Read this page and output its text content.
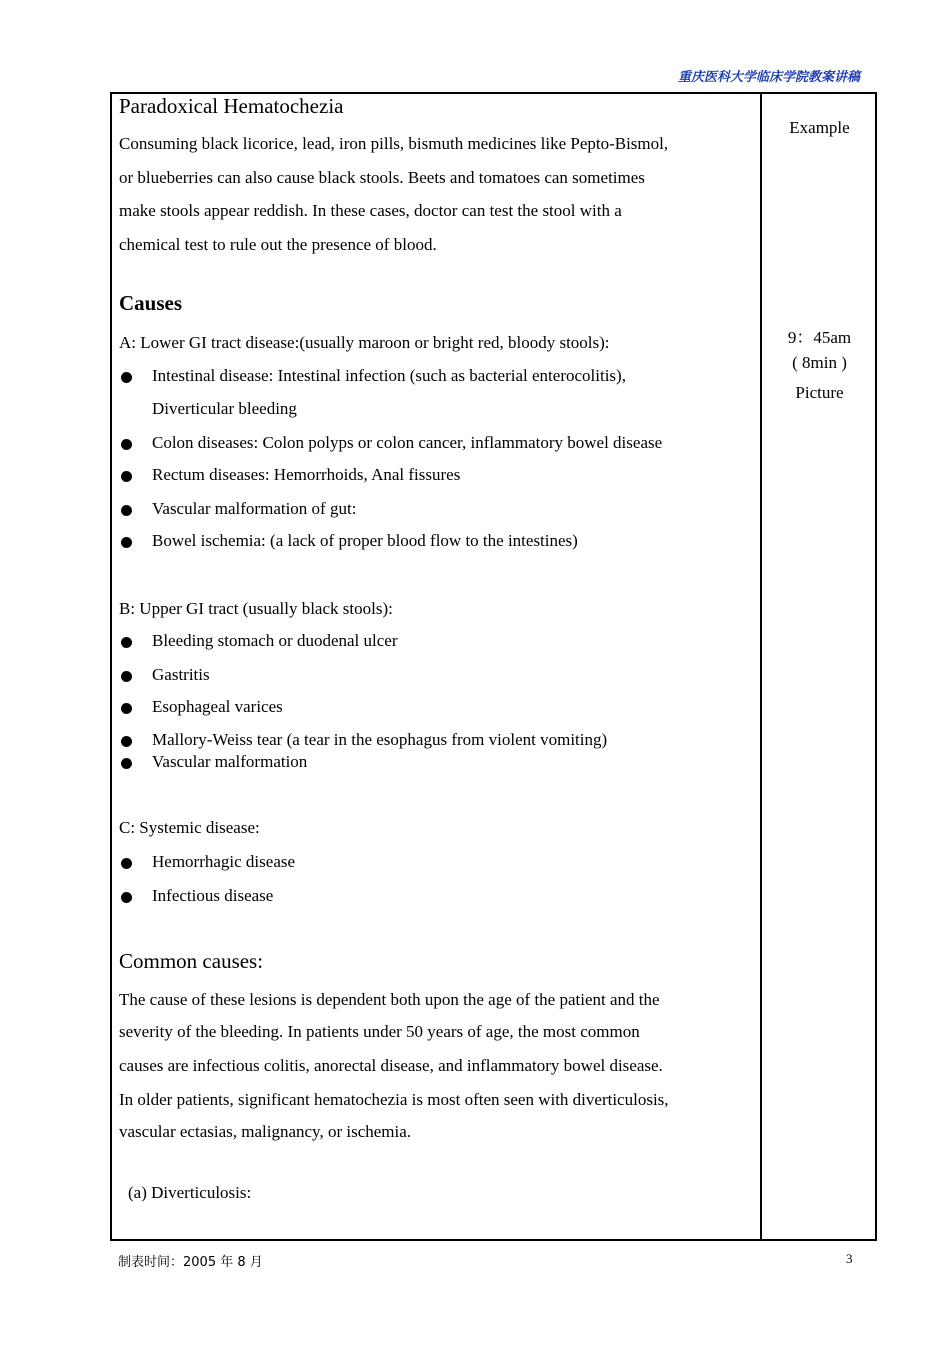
重庆医科大学临床学院教案讲稿
Paradoxical Hematochezia
Consuming black licorice, lead, iron pills, bismuth medicines like Pepto-Bismol,
or blueberries can also cause black stools. Beets and tomatoes can sometimes
make stools appear reddish. In these cases, doctor can test the stool with a
chemical test to rule out the presence of blood.
Causes
A: Lower GI tract disease:(usually maroon or bright red, bloody stools):
Intestinal disease: Intestinal infection (such as bacterial enterocolitis),
Diverticular bleeding
Colon diseases: Colon polyps or colon cancer, inflammatory bowel disease
Rectum diseases: Hemorrhoids, Anal fissures
Vascular malformation of gut:
Bowel ischemia: (a lack of proper blood flow to the intestines)
B: Upper GI tract (usually black stools):
Bleeding stomach or duodenal ulcer
Gastritis
Esophageal varices
Mallory-Weiss tear (a tear in the esophagus from violent vomiting)
Vascular malformation
C: Systemic disease:
Hemorrhagic disease
Infectious disease
Common causes:
The cause of these lesions is dependent both upon the age of the patient and the
severity of the bleeding. In patients under 50 years of age, the most common
causes are infectious colitis, anorectal disease, and inflammatory bowel disease.
In older patients, significant hematochezia is most often seen with diverticulosis,
vascular ectasias, malignancy, or ischemia.
(a) Diverticulosis:
Example
9：45am
( 8min )
Picture
制表时间：2005 年 8 月	3
